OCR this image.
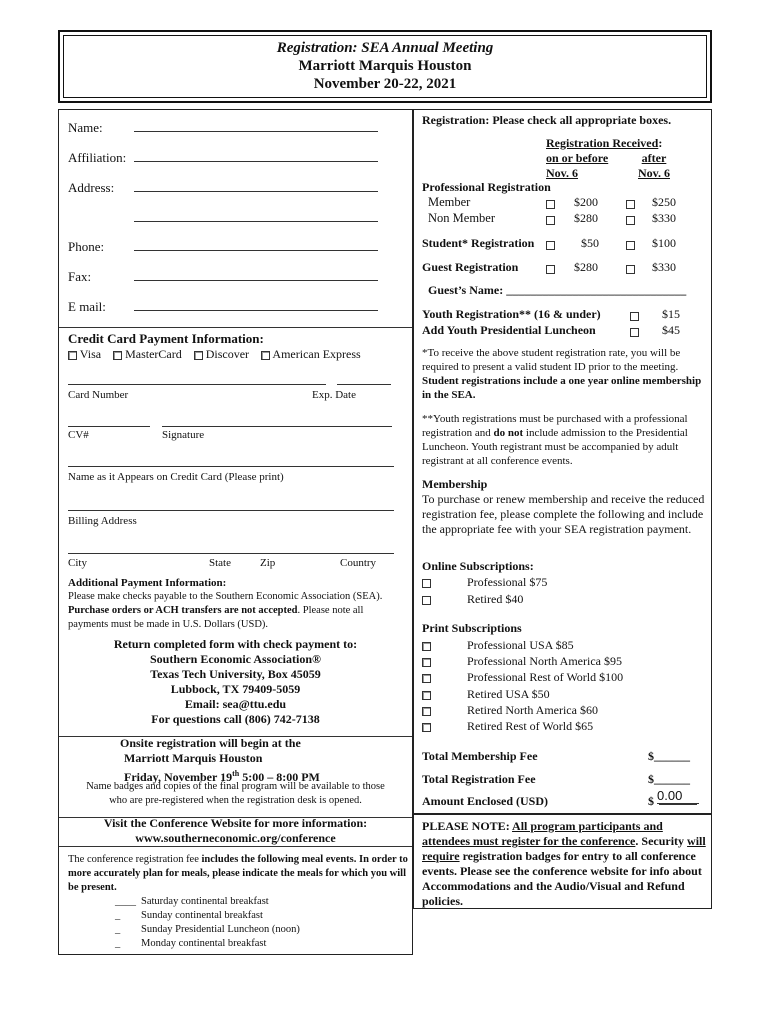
Registration: SEA Annual Meeting
Marriott Marquis Houston
November 20-22, 2021
Name:
Affiliation:
Address:
Phone:
Fax:
E mail:
Credit Card Payment Information:
Visa MasterCard Discover American Express
Card Number	Exp. Date
CV#	Signature
Name as it Appears on Credit Card (Please print)
Billing Address
City	State	Zip	Country
Additional Payment Information:
Please make checks payable to the Southern Economic Association (SEA). Purchase orders or ACH transfers are not accepted. Please note all payments must be made in U.S. Dollars (USD).
Return completed form with check payment to:
Southern Economic Association®
Texas Tech University, Box 45059
Lubbock, TX 79409-5059
Email: sea@ttu.edu
For questions call (806) 742-7138
Onsite registration will begin at the
Marriott Marquis Houston
Friday, November 19th 5:00 – 8:00 PM
Name badges and copies of the final program will be available to those who are pre-registered when the registration desk is opened.
Visit the Conference Website for more information:
www.southerneconomic.org/conference
The conference registration fee includes the following meal events. In order to more accurately plan for meals, please indicate the meals for which you will be present.
____ Saturday continental breakfast
_ Sunday continental breakfast
_ Sunday Presidential Luncheon (noon)
_ Monday continental breakfast
Registration: Please check all appropriate boxes.
Registration Received:
on or before
Nov. 6
after
Nov. 6
Professional Registration
Member	$200	$250
Non Member	$280	$330
Student* Registration	$50	$100
Guest Registration	$280	$330
Guest’s Name: ______________________________
Youth Registration** (16 & under)	$15
Add Youth Presidential Luncheon	$45
*To receive the above student registration rate, you will be required to present a valid student ID prior to the meeting. Student registrations include a one year online membership in the SEA.
**Youth registrations must be purchased with a professional registration and do not include admission to the Presidential Luncheon. Youth registrant must be accompanied by adult registrant at all conference events.
Membership
To purchase or renew membership and receive the reduced registration fee, please complete the following and include the appropriate fee with your SEA registration payment.
Online Subscriptions:
Professional $75
Retired $40
Print Subscriptions
Professional USA $85
Professional North America $95
Professional Rest of World $100
Retired USA $50
Retired North America $60
Retired Rest of World $65
Total Membership Fee	$______
Total Registration Fee	$______
Amount Enclosed (USD)	$ 0.00
PLEASE NOTE: All program participants and attendees must register for the conference. Security will require registration badges for entry to all conference events. Please see the conference website for info about Accommodations and the Audio/Visual and Refund policies.
